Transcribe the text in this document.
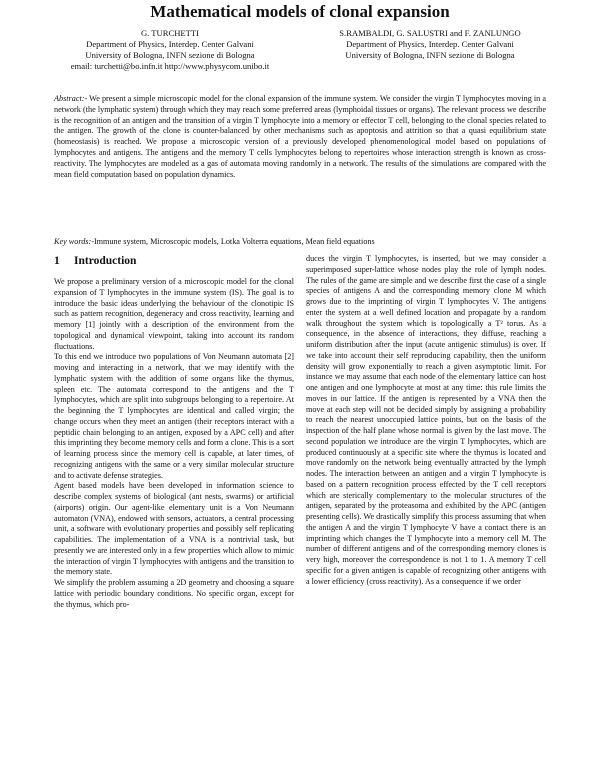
Mathematical models of clonal expansion
G. TURCHETTI
Department of Physics, Interdep. Center Galvani
University of Bologna, INFN sezione di Bologna
email: turchetti@bo.infn.it http://www.physycom.unibo.it
S.RAMBALDI, G. SALUSTRI and F. ZANLUNGO
Department of Physics, Interdep. Center Galvani
University of Bologna, INFN sezione di Bologna
Abstract:- We present a simple microscopic model for the clonal expansion of the immune system. We consider the virgin T lymphocytes moving in a network (the lymphatic system) through which they may reach some preferred areas (lymphoidal tissues or organs). The relevant process we describe is the recognition of an antigen and the transition of a virgin T lymphocyte into a memory or effector T cell, belonging to the clonal species related to the antigen. The growth of the clone is counter-balanced by other mechanisms such as apoptosis and attrition so that a quasi equilibrium state (homeostasis) is reached. We propose a microscopic version of a previously developed phenomenological model based on populations of lymphocytes and antigens. The antigens and the memory T cells lymphocytes belong to repertoires whose interaction strength is known as cross-reactivity. The lymphocytes are modeled as a gas of automata moving randomly in a network. The results of the simulations are compared with the mean field computation based on population dynamics.
Key words:-Immune system, Microscopic models, Lotka Volterra equations, Mean field equations
1 Introduction

We propose a preliminary version of a microscopic model for the clonal expansion of T lymphocytes in the immune system (IS). The goal is to introduce the basic ideas underlying the behaviour of the clonotipic IS such as pattern recognition, degeneracy and cross reactivity, learning and memory [1] jointly with a description of the environment from the topological and dynamical viewpoint, taking into account its random fluctuations.

To this end we introduce two populations of Von Neumann automata [2] moving and interacting in a network, that we may identify with the lymphatic system with the addition of some organs like the thymus, spleen etc. The automata correspond to the antigens and the T lymphocytes, which are split into subgroups belonging to a repertoire. At the beginning the T lymphocytes are identical and called virgin; the change occurs when they meet an antigen (their receptors interact with a peptidic chain belonging to an antigen, exposed by a APC cell) and after this imprinting they become memory cells and form a clone. This is a sort of learning process since the memory cell is capable, at later times, of recognizing antigens with the same or a very similar molecular structure and to activate defense strategies.

Agent based models have been developed in information science to describe complex systems of biological (ant nests, swarms) or artificial (airports) origin. Our agent-like elementary unit is a Von Neumann automaton (VNA), endowed with sensors, actuators, a central processing unit, a software with evolutionary properties and possibly self replicating capabilities. The implementation of a VNA is a nontrivial task, but presently we are interested only in a few properties which allow to mimic the interaction of virgin T lymphocytes with antigens and the transition to the memory state.

We simplify the problem assuming a 2D geometry and choosing a square lattice with periodic boundary conditions. No specific organ, except for the thymus, which pro-

duces the virgin T lymphocytes, is inserted, but we may consider a superimposed super-lattice whose nodes play the role of lymph nodes. The rules of the game are simple and we describe first the case of a single species of antigens A and the corresponding memory clone M which grows due to the imprinting of virgin T lymphocytes V. The antigens enter the system at a well defined location and propagate by a random walk throughout the system which is topologically a T² torus. As a consequence, in the absence of interactions, they diffuse, reaching a uniform distribution after the input (acute antigenic stimulus) is over. If we take into account their self reproducing capability, then the uniform density will grow exponentially to reach a given asymptotic limit. For instance we may assume that each node of the elementary lattice can host one antigen and one lymphocyte at most at any time: this rule limits the moves in our lattice. If the antigen is represented by a VNA then the move at each step will not be decided simply by assigning a probability to reach the nearest unoccupied lattice points, but on the basis of the inspection of the half plane whose normal is given by the last move. The second population we introduce are the virgin T lymphocytes, which are produced continuously at a specific site where the thymus is located and move randomly on the network being eventually attracted by the lymph nodes. The interaction between an antigen and a virgin T lymphocyte is based on a pattern recognition process effected by the T cell receptors which are sterically complementary to the molecular structures of the antigen, separated by the proteasoma and exhibited by the APC (antigen presenting cells). We drastically simplify this process assuming that when the antigen A and the virgin T lymphocyte V have a contact there is an imprinting which changes the T lymphocyte into a memory cell M. The number of different antigens and of the corresponding memory clones is very high, moreover the correspondence is not 1 to 1. A memory T cell specific for a given antigen is capable of recognizing other antigens with a lower efficiency (cross reactivity). As a consequence if we order
